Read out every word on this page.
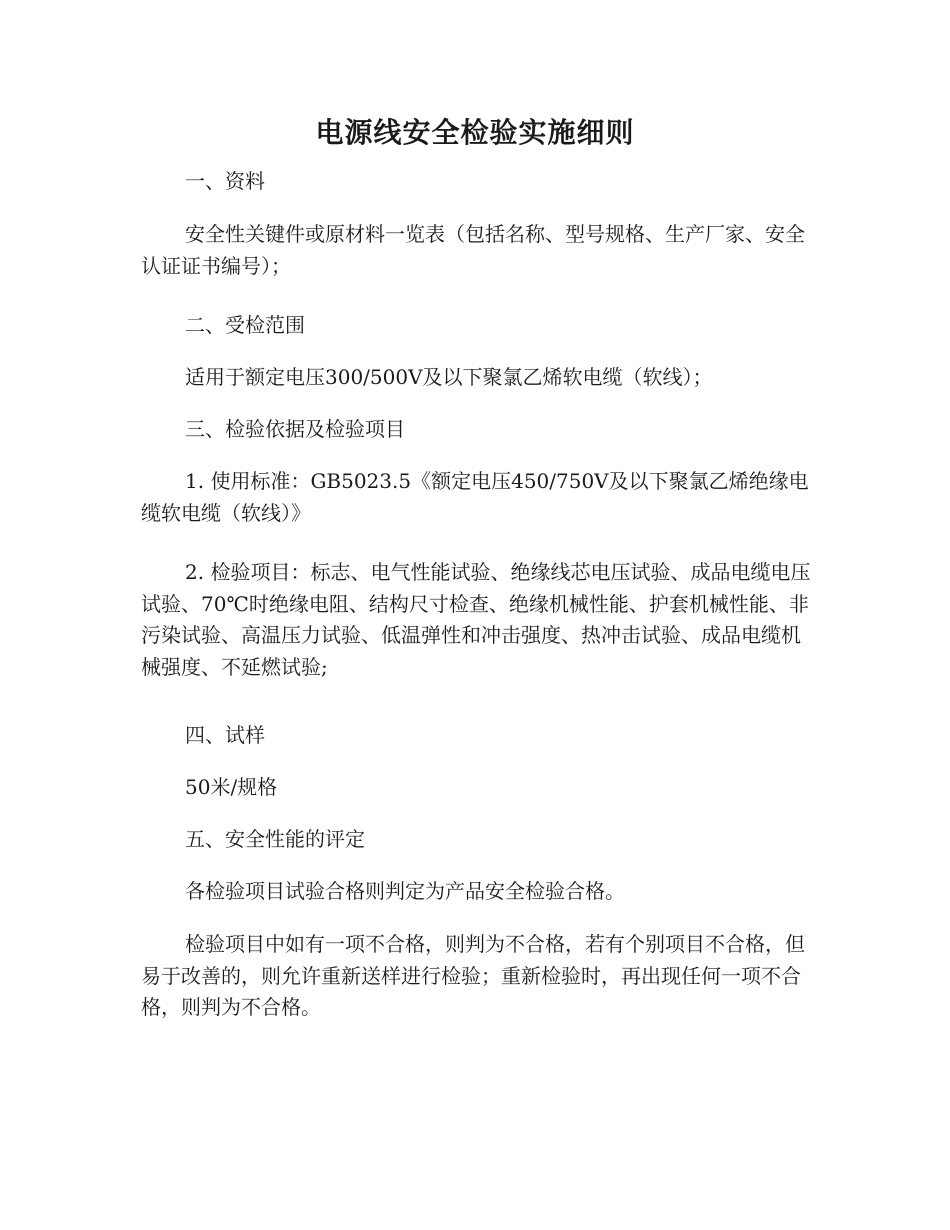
电源线安全检验实施细则

一、资料

安全性关键件或原材料一览表（包括名称、型号规格、生产厂家、安全认证证书编号）；

二、受检范围

适用于额定电压300/500V及以下聚氯乙烯软电缆（软线）；

三、检验依据及检验项目

1. 使用标准：GB5023.5《额定电压450/750V及以下聚氯乙烯绝缘电缆软电缆（软线）》

2. 检验项目：标志、电气性能试验、绝缘线芯电压试验、成品电缆电压试验、70℃时绝缘电阻、结构尺寸检查、绝缘机械性能、护套机械性能、非污染试验、高温压力试验、低温弹性和冲击强度、热冲击试验、成品电缆机械强度、不延燃试验;

四、试样

50米/规格

五、安全性能的评定

各检验项目试验合格则判定为产品安全检验合格。

检验项目中如有一项不合格，则判为不合格，若有个别项目不合格，但易于改善的，则允许重新送样进行检验；重新检验时，再出现任何一项不合格，则判为不合格。
